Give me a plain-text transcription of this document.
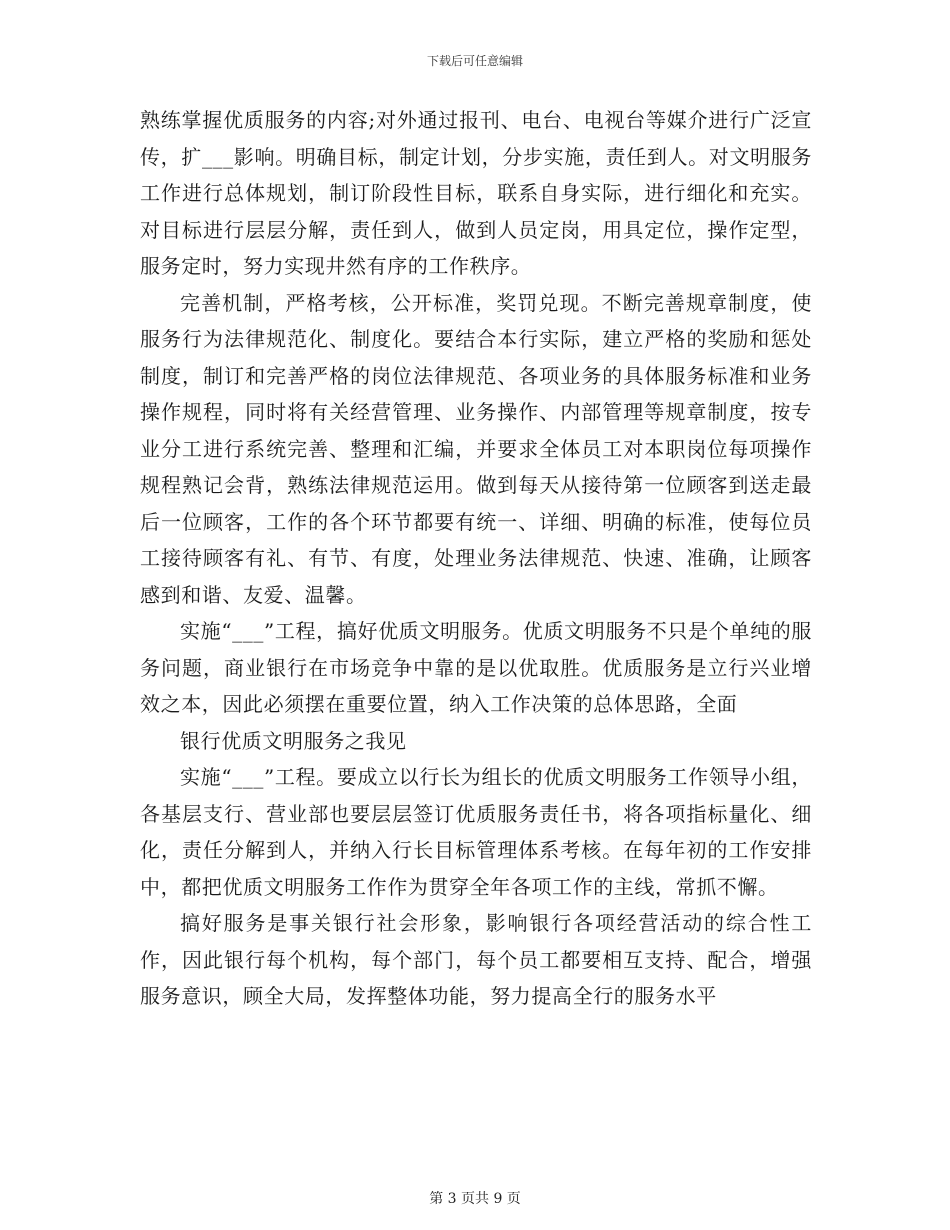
下载后可任意编辑

熟练掌握优质服务的内容;对外通过报刊、电台、电视台等媒介进行广泛宣传，扩___影响。明确目标，制定计划，分步实施，责任到人。对文明服务工作进行总体规划，制订阶段性目标，联系自身实际，进行细化和充实。对目标进行层层分解，责任到人，做到人员定岗，用具定位，操作定型，服务定时，努力实现井然有序的工作秩序。

完善机制，严格考核，公开标准，奖罚兑现。不断完善规章制度，使服务行为法律规范化、制度化。要结合本行实际，建立严格的奖励和惩处制度，制订和完善严格的岗位法律规范、各项业务的具体服务标准和业务操作规程，同时将有关经营管理、业务操作、内部管理等规章制度，按专业分工进行系统完善、整理和汇编，并要求全体员工对本职岗位每项操作规程熟记会背，熟练法律规范运用。做到每天从接待第一位顾客到送走最后一位顾客，工作的各个环节都要有统一、详细、明确的标准，使每位员工接待顾客有礼、有节、有度，处理业务法律规范、快速、准确，让顾客感到和谐、友爱、温馨。

实施“___”工程，搞好优质文明服务。优质文明服务不只是个单纯的服务问题，商业银行在市场竞争中靠的是以优取胜。优质服务是立行兴业增效之本，因此必须摆在重要位置，纳入工作决策的总体思路，全面

银行优质文明服务之我见

实施“___”工程。要成立以行长为组长的优质文明服务工作领导小组，各基层支行、营业部也要层层签订优质服务责任书，将各项指标量化、细化，责任分解到人，并纳入行长目标管理体系考核。在每年初的工作安排中，都把优质文明服务工作作为贯穿全年各项工作的主线，常抓不懈。

搞好服务是事关银行社会形象，影响银行各项经营活动的综合性工作，因此银行每个机构，每个部门，每个员工都要相互支持、配合，增强服务意识，顾全大局，发挥整体功能，努力提高全行的服务水平

第 3 页共 9 页
